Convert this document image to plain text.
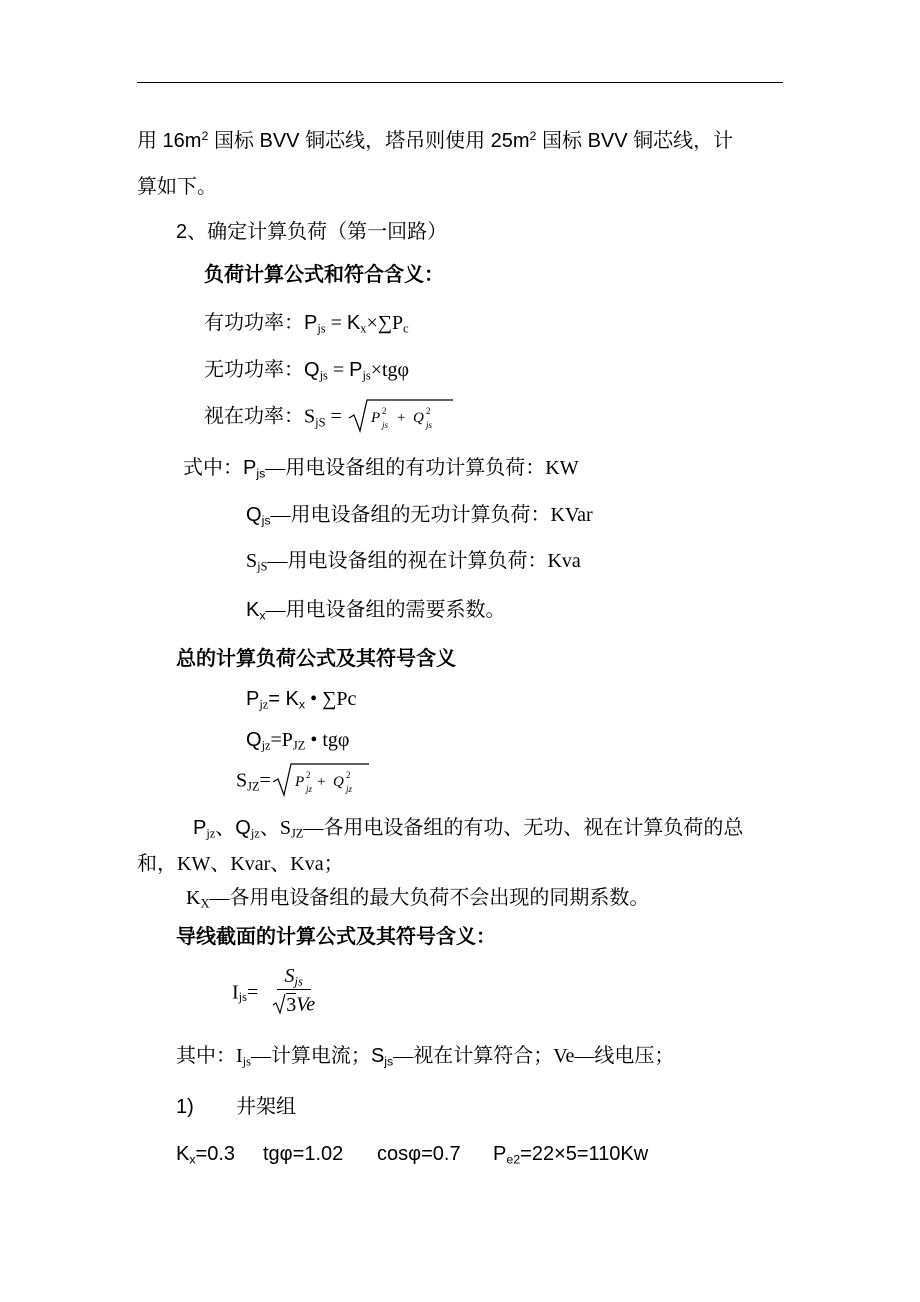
用 $16m^2$ 国标 BVV 铜芯线，塔吊则使用 $25m^2$ 国标 BVV 铜芯线，计
算如下。
2、确定计算负荷（第一回路）
负荷计算公式和符合含义：
有功功率：$P_{js} = K_x\times\sum P_c$
无功功率：$Q_{js} = P_{js}\times tg\varphi$
视在功率：$S_{jS} = P$ 2
js + Q 2
js
式中：$P_{js}—$用电设备组的有功计算负荷：KW
$Q_{js}—$用电设备组的无功计算负荷：KVar
$S_{jS}—$用电设备组的视在计算负荷：Kva
$K_x—$用电设备组的需要系数。
总的计算负荷公式及其符号含义
$P_{jz}= K_x$ • ∑Pc
$Q_{jz}=P_{JZ}$ • tgφ
$S_{JZ}= P$ 2
jz + Q 2
jz
$P_{jz}$、$Q_{jz}$、$S_{JZ}—$各用电设备组的有功、无功、视在计算负荷的总
和，KW、Kvar、Kva；
$K_X—$各用电设备组的最大负荷不会出现的同期系数。
导线截面的计算公式及其符号含义：
$I_{js}= \frac{S_{js}}{3Ve}$
其中：$I_{js}—$计算电流；$S_{js}—$视在计算符合；Ve—线电压；
1) 井架组
$K_x=0.3$ tgφ=1.02 cosφ=0.7 $P_{e2}=22\times 5=110Kw$
